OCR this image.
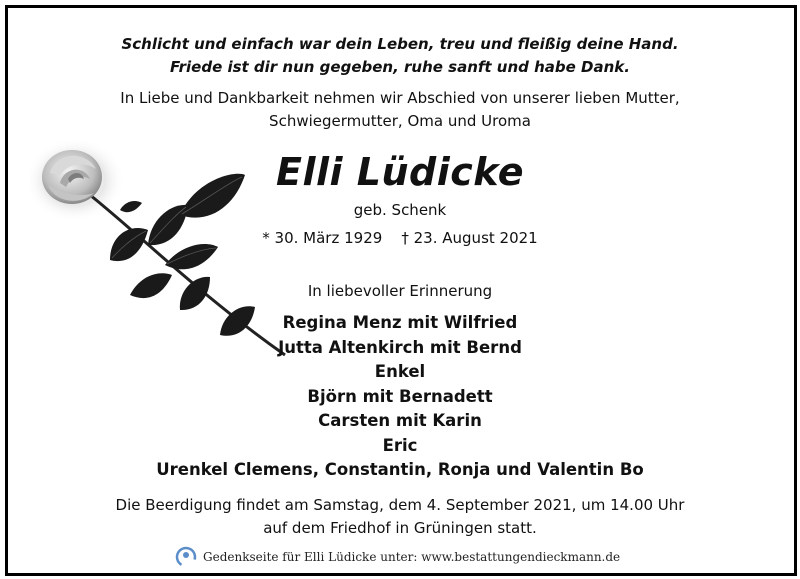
Schlicht und einfach war dein Leben, treu und fleißig deine Hand.
Friede ist dir nun gegeben, ruhe sanft und habe Dank.
In Liebe und Dankbarkeit nehmen wir Abschied von unserer lieben Mutter,
Schwiegermutter, Oma und Uroma
Elli Lüdicke
geb. Schenk
* 30. März 1929 † 23. August 2021
In liebevoller Erinnerung
Regina Menz mit Wilfried
Jutta Altenkirch mit Bernd
Enkel
Björn mit Bernadett
Carsten mit Karin
Eric
Urenkel Clemens, Constantin, Ronja und Valentin Bo
Die Beerdigung findet am Samstag, dem 4. September 2021, um 14.00 Uhr
auf dem Friedhof in Grüningen statt.
Gedenkseite für Elli Lüdicke unter: www.bestattungendieckmann.de
